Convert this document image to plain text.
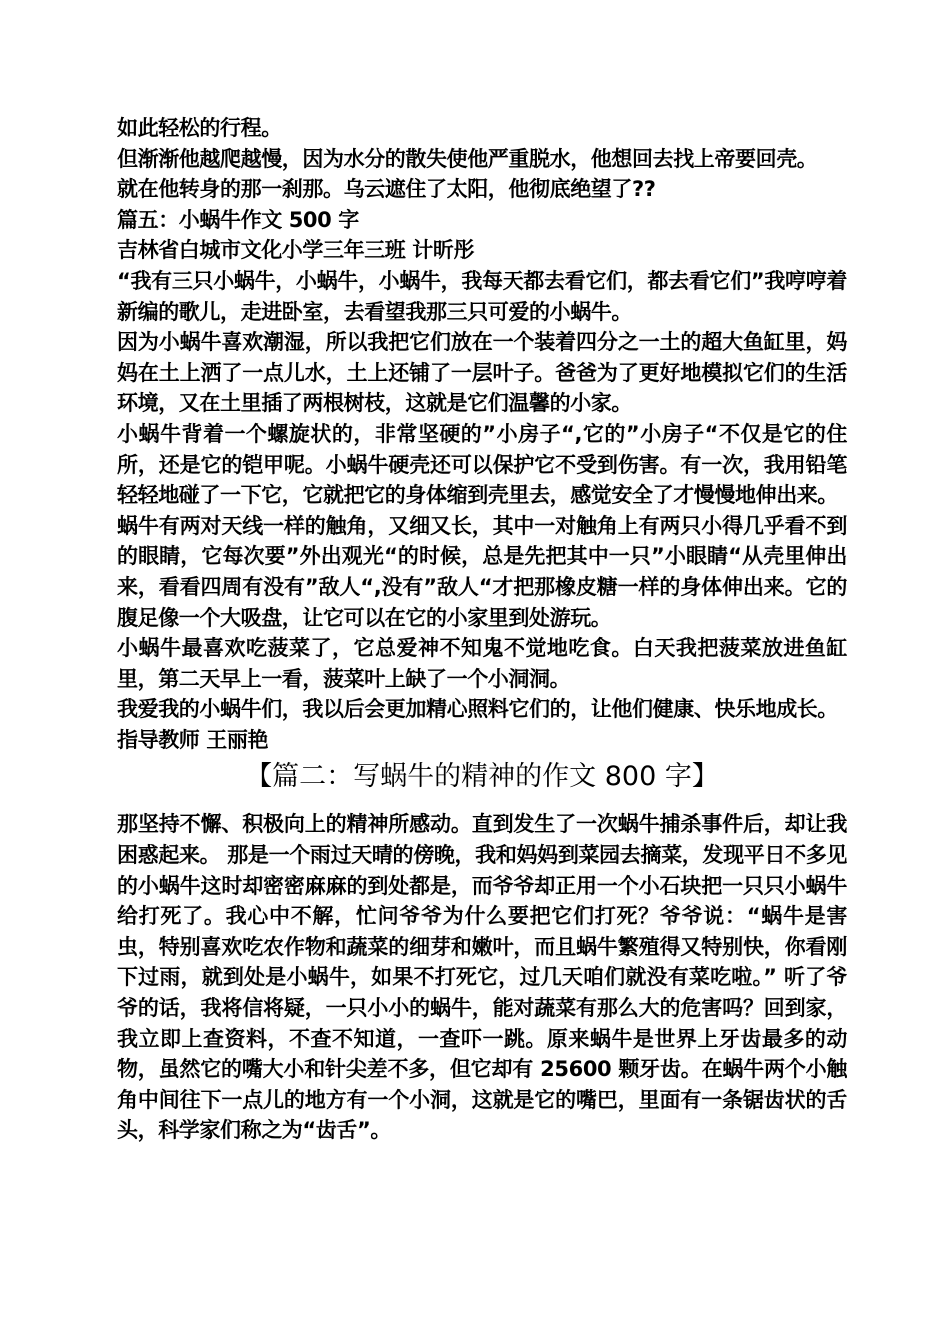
如此轻松的行程。

但渐渐他越爬越慢，因为水分的散失使他严重脱水，他想回去找上帝要回壳。

就在他转身的那一刹那。乌云遮住了太阳，他彻底绝望了??

篇五：小蜗牛作文 500 字

吉林省白城市文化小学三年三班 计昕彤

“我有三只小蜗牛，小蜗牛，小蜗牛，我每天都去看它们，都去看它们”我哼哼着新编的歌儿，走进卧室，去看望我那三只可爱的小蜗牛。

因为小蜗牛喜欢潮湿，所以我把它们放在一个装着四分之一土的超大鱼缸里，妈妈在土上洒了一点儿水，土上还铺了一层叶子。爸爸为了更好地模拟它们的生活环境，又在土里插了两根树枝，这就是它们温馨的小家。

小蜗牛背着一个螺旋状的，非常坚硬的”小房子“,它的”小房子“不仅是它的住所，还是它的铠甲呢。小蜗牛硬壳还可以保护它不受到伤害。有一次，我用铅笔轻轻地碰了一下它，它就把它的身体缩到壳里去，感觉安全了才慢慢地伸出来。

蜗牛有两对天线一样的触角，又细又长，其中一对触角上有两只小得几乎看不到的眼睛，它每次要”外出观光“的时候，总是先把其中一只”小眼睛“从壳里伸出来，看看四周有没有”敌人“,没有”敌人“才把那橡皮糖一样的身体伸出来。它的腹足像一个大吸盘，让它可以在它的小家里到处游玩。

小蜗牛最喜欢吃菠菜了，它总爱神不知鬼不觉地吃食。白天我把菠菜放进鱼缸里，第二天早上一看，菠菜叶上缺了一个小洞洞。

我爱我的小蜗牛们，我以后会更加精心照料它们的，让他们健康、快乐地成长。

指导教师 王丽艳

【篇二：写蜗牛的精神的作文 800 字】

那坚持不懈、积极向上的精神所感动。直到发生了一次蜗牛捕杀事件后，却让我困惑起来。 那是一个雨过天晴的傍晚，我和妈妈到菜园去摘菜，发现平日不多见的小蜗牛这时却密密麻麻的到处都是，而爷爷却正用一个小石块把一只只小蜗牛给打死了。我心中不解，忙问爷爷为什么要把它们打死？爷爷说：“蜗牛是害虫，特别喜欢吃农作物和蔬菜的细芽和嫩叶，而且蜗牛繁殖得又特别快，你看刚下过雨，就到处是小蜗牛，如果不打死它，过几天咱们就没有菜吃啦。” 听了爷爷的话，我将信将疑，一只小小的蜗牛，能对蔬菜有那么大的危害吗？回到家，我立即上查资料，不查不知道，一查吓一跳。原来蜗牛是世界上牙齿最多的动物，虽然它的嘴大小和针尖差不多，但它却有 25600 颗牙齿。在蜗牛两个小触角中间往下一点儿的地方有一个小洞，这就是它的嘴巴，里面有一条锯齿状的舌头，科学家们称之为“齿舌”。
